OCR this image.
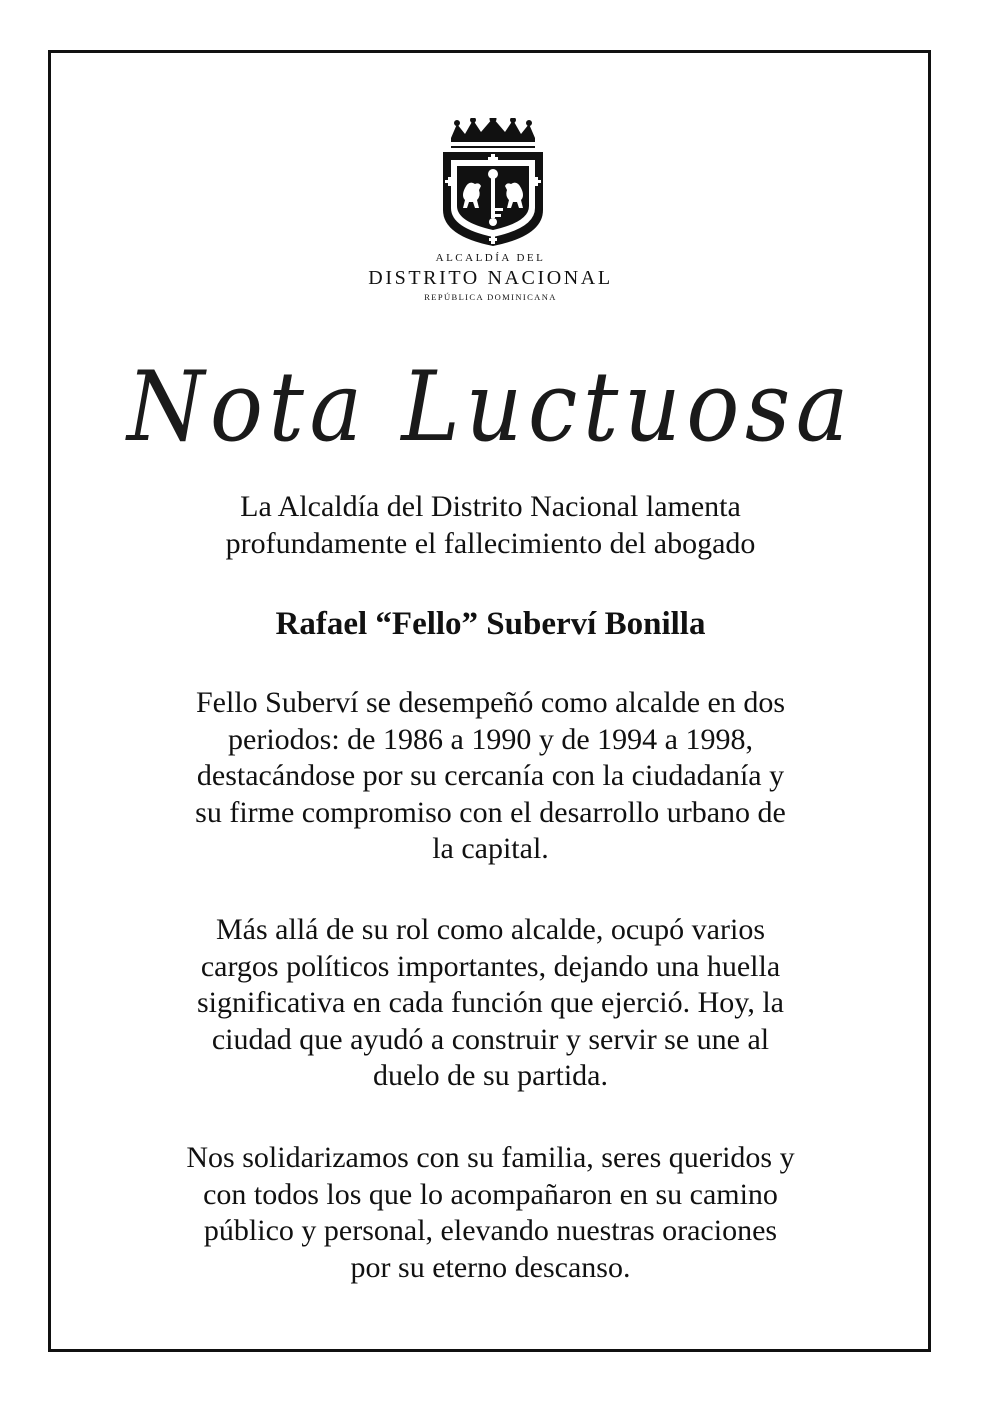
ALCALDÍA DEL
DISTRITO NACIONAL
REPÚBLICA DOMINICANA
Nota Luctuosa
La Alcaldía del Distrito Nacional lamenta
profundamente el fallecimiento del abogado
Rafael “Fello” Suberví Bonilla
Fello Suberví se desempeñó como alcalde en dos
periodos: de 1986 a 1990 y de 1994 a 1998,
destacándose por su cercanía con la ciudadanía y
su firme compromiso con el desarrollo urbano de
la capital.
Más allá de su rol como alcalde, ocupó varios
cargos políticos importantes, dejando una huella
significativa en cada función que ejerció. Hoy, la
ciudad que ayudó a construir y servir se une al
duelo de su partida.
Nos solidarizamos con su familia, seres queridos y
con todos los que lo acompañaron en su camino
público y personal, elevando nuestras oraciones
por su eterno descanso.
